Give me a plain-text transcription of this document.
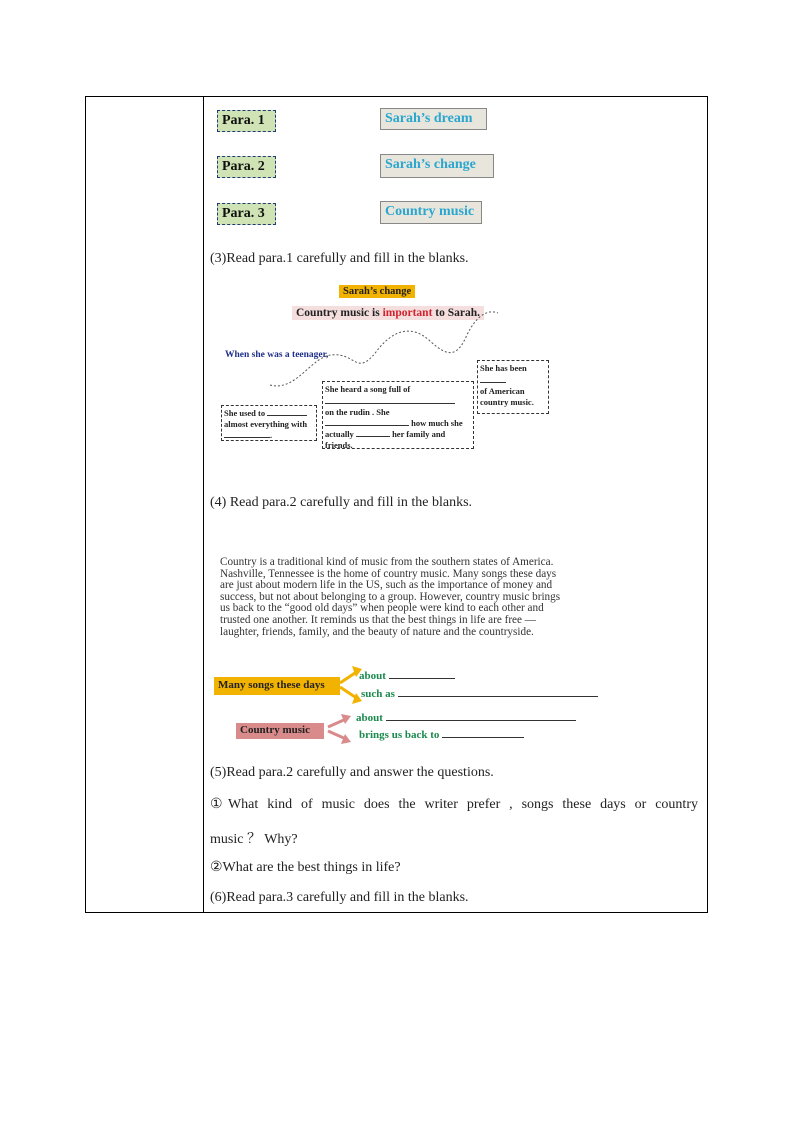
Para. 1
Para. 2
Para. 3
Sarah’s dream
Sarah’s change
Country music
(3)Read para.1 carefully and fill in the blanks.
Sarah’s change
Country music is important to Sarah.
When she was a teenager,
She used to
almost everything with
.
She heard a song full of
on the rudin . She
how much she
actually	her family and
friends.
She has been
of American
country music.
(4) Read para.2 carefully and fill in the blanks.
Country is a traditional kind of music from the southern states of America.
Nashville, Tennessee is the home of country music. Many songs these days
are just about modern life in the US, such as the importance of money and
success, but not about belonging to a group. However, country music brings
us back to the “good old days” when people were kind to each other and
trusted one another. It reminds us that the best things in life are free —
laughter, friends, family, and the beauty of nature and the countryside.
Many songs these days
about
such as
Country music
about
brings us back to
(5)Read para.2 carefully and answer the questions.
①What kind of music does the writer prefer , songs these days or country
music ？ Why?
②What are the best things in life?
(6)Read para.3 carefully and fill in the blanks.
